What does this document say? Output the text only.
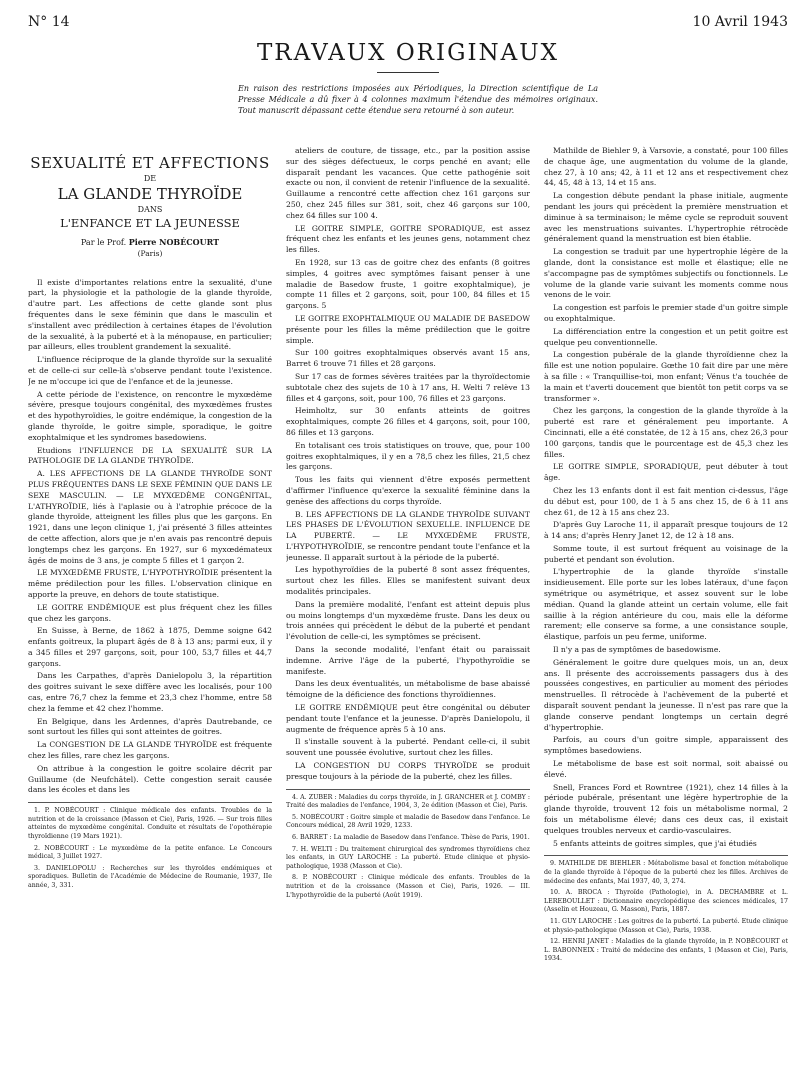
N° 14	10 Avril 1943
TRAVAUX ORIGINAUX
En raison des restrictions imposées aux Périodiques, la Direction scientifique de La Presse Médicale a dû fixer à 4 colonnes maximum l'étendue des mémoires originaux. Tout manuscrit dépassant cette étendue sera retourné à son auteur.
SEXUALITÉ ET AFFECTIONS
DE
LA GLANDE THYROÏDE
DANS
L'ENFANCE ET LA JEUNESSE
Par le Prof. Pierre NOBÉCOURT
(Paris)

Il existe d'importantes relations entre la sexualité, d'une part, la physiologie et la pathologie de la glande thyroïde, d'autre part. Les affections de cette glande sont plus fréquentes dans le sexe féminin que dans le masculin et s'installent avec prédilection à certaines étapes de l'évolution de la sexualité, à la puberté et à la ménopause, en particulier; par ailleurs, elles troublent grandement la sexualité.

L'influence réciproque de la glande thyroïde sur la sexualité et de celle-ci sur celle-là s'observe pendant toute l'existence. Je ne m'occupe ici que de l'enfance et de la jeunesse.

A cette période de l'existence, on rencontre le myxœdème sévère, presque toujours congénital, des myxœdèmes frustes et des hypothyroïdies, le goitre endémique, la congestion de la glande thyroïde, le goitre simple, sporadique, le goitre exophtalmique et les syndromes basedowiens.

Etudions l'INFLUENCE DE LA SEXUALITÉ SUR LA PATHOLOGIE DE LA GLANDE THYROÏDE.

A. LES AFFECTIONS DE LA GLANDE THYROÏDE SONT PLUS FRÉQUENTES DANS LE SEXE FÉMININ QUE DANS LE SEXE MASCULIN. — LE MYXŒDÈME CONGÉNITAL, L'ATHYROÏDIE, liés à l'aplasie ou à l'atrophie précoce de la glande thyroïde, atteignent les filles plus que les garçons. En 1921, dans une leçon clinique 1, j'ai présenté 3 filles atteintes de cette affection, alors que je n'en avais pas rencontré depuis longtemps chez les garçons. En 1927, sur 6 myxœdémateux âgés de moins de 3 ans, je compte 5 filles et 1 garçon 2.

LE MYXŒDÈME FRUSTE, L'HYPOTHYROÏDIE présentent la même prédilection pour les filles. L'observation clinique en apporte la preuve, en dehors de toute statistique.

LE GOITRE ENDÉMIQUE est plus fréquent chez les filles que chez les garçons.

En Suisse, à Berne, de 1862 à 1875, Demme soigne 642 enfants goitreux, la plupart âgés de 8 à 13 ans; parmi eux, il y a 345 filles et 297 garçons, soit, pour 100, 53,7 filles et 44,7 garçons.

Dans les Carpathes, d'après Danielopolu 3, la répartition des goitres suivant le sexe diffère avec les localisés, pour 100 cas, entre 76,7 chez la femme et 23,3 chez l'homme, entre 58 chez la femme et 42 chez l'homme.

En Belgique, dans les Ardennes, d'après Dautrebande, ce sont surtout les filles qui sont atteintes de goitres.

La CONGESTION DE LA GLANDE THYROÏDE est fréquente chez les filles, rare chez les garçons.

On attribue à la congestion le goitre scolaire décrit par Guillaume (de Neufchâtel). Cette congestion serait causée dans les écoles et dans les

1. P. NOBÉCOURT : Clinique médicale des enfants. Troubles de la nutrition et de la croissance (Masson et Cie), Paris, 1926. — Sur trois filles atteintes de myxœdème congénital. Conduite et résultats de l'opothérapie thyroïdienne (19 Mars 1921).

2. NOBÉCOURT : Le myxœdème de la petite enfance. Le Concours médical, 3 Juillet 1927.

3. DANIELOPOLU : Recherches sur les thyroïdes endémiques et sporadiques. Bulletin de l'Académie de Médecine de Roumanie, 1937, IIe année, 3, 331.

ateliers de couture, de tissage, etc., par la position assise sur des sièges défectueux, le corps penché en avant; elle disparaît pendant les vacances. Que cette pathogénie soit exacte ou non, il convient de retenir l'influence de la sexualité. Guillaume a rencontré cette affection chez 161 garçons sur 250, chez 245 filles sur 381, soit, chez 46 garçons sur 100, chez 64 filles sur 100 4.

LE GOITRE SIMPLE, GOITRE SPORADIQUE, est assez fréquent chez les enfants et les jeunes gens, notamment chez les filles.

En 1928, sur 13 cas de goitre chez des enfants (8 goitres simples, 4 goitres avec symptômes faisant penser à une maladie de Basedow fruste, 1 goitre exophtalmique), je compte 11 filles et 2 garçons, soit, pour 100, 84 filles et 15 garçons. 5

LE GOITRE EXOPHTALMIQUE OU MALADIE DE BASEDOW présente pour les filles la même prédilection que le goitre simple.

Sur 100 goitres exophtalmiques observés avant 15 ans, Barret 6 trouve 71 filles et 28 garçons.

Sur 17 cas de formes sévères traitées par la thyroïdectomie subtotale chez des sujets de 10 à 17 ans, H. Welti 7 relève 13 filles et 4 garçons, soit, pour 100, 76 filles et 23 garçons.

Heimholtz, sur 30 enfants atteints de goitres exophtalmiques, compte 26 filles et 4 garçons, soit, pour 100, 86 filles et 13 garçons.

En totalisant ces trois statistiques on trouve, que, pour 100 goitres exophtalmiques, il y en a 78,5 chez les filles, 21,5 chez les garçons.

Tous les faits qui viennent d'être exposés permettent d'affirmer l'influence qu'exerce la sexualité féminine dans la genèse des affections du corps thyroïde.

B. LES AFFECTIONS DE LA GLANDE THYROÏDE SUIVANT LES PHASES DE L'ÉVOLUTION SEXUELLE. INFLUENCE DE LA PUBERTÉ. — LE MYXŒDÈME FRUSTE, L'HYPOTHYROÏDIE, se rencontre pendant toute l'enfance et la jeunesse. Il apparaît surtout à la période de la puberté.

Les hypothyroïdies de la puberté 8 sont assez fréquentes, surtout chez les filles. Elles se manifestent suivant deux modalités principales.

Dans la première modalité, l'enfant est atteint depuis plus ou moins longtemps d'un myxœdème fruste. Dans les deux ou trois années qui précèdent le début de la puberté et pendant l'évolution de celle-ci, les symptômes se précisent.

Dans la seconde modalité, l'enfant était ou paraissait indemne. Arrive l'âge de la puberté, l'hypothyroïdie se manifeste.

Dans les deux éventualités, un métabolisme de base abaissé témoigne de la déficience des fonctions thyroïdiennes.

LE GOITRE ENDÉMIQUE peut être congénital ou débuter pendant toute l'enfance et la jeunesse. D'après Danielopolu, il augmente de fréquence après 5 à 10 ans.

Il s'installe souvent à la puberté. Pendant celle-ci, il subit souvent une poussée évolutive, surtout chez les filles.

LA CONGESTION DU CORPS THYROÏDE se produit presque toujours à la période de la puberté, chez les filles.

4. A. ZUBER : Maladies du corps thyroïde, in J. GRANCHER et J. COMBY : Traité des maladies de l'enfance, 1904, 3, 2e édition (Masson et Cie), Paris.

5. NOBÉCOURT : Goitre simple et maladie de Basedow dans l'enfance. Le Concours médical, 28 Avril 1929, 1233.

6. BARRET : La maladie de Basedow dans l'enfance. Thèse de Paris, 1901.

7. H. WELTI : Du traitement chirurgical des syndromes thyroïdiens chez les enfants, in GUY LAROCHE : La puberté. Etude clinique et physio-pathologique, 1938 (Masson et Cie).

8. P. NOBÉCOURT : Clinique médicale des enfants. Troubles de la nutrition et de la croissance (Masson et Cie), Paris, 1926. — III. L'hypothyroïdie de la puberté (Août 1919).

Mathilde de Biehler 9, à Varsovie, a constaté, pour 100 filles de chaque âge, une augmentation du volume de la glande, chez 27, à 10 ans; 42, à 11 et 12 ans et respectivement chez 44, 45, 48 à 13, 14 et 15 ans.

La congestion débute pendant la phase initiale, augmente pendant les jours qui précèdent la première menstruation et diminue à sa terminaison; le même cycle se reproduit souvent avec les menstruations suivantes. L'hypertrophie rétrocède généralement quand la menstruation est bien établie.

La congestion se traduit par une hypertrophie légère de la glande, dont la consistance est molle et élastique; elle ne s'accompagne pas de symptômes subjectifs ou fonctionnels. Le volume de la glande varie suivant les moments comme nous venons de le voir.

La congestion est parfois le premier stade d'un goitre simple ou exophtalmique.

La différenciation entre la congestion et un petit goitre est quelque peu conventionnelle.

La congestion pubérale de la glande thyroïdienne chez la fille est une notion populaire. Gœthe 10 fait dire par une mère à sa fille : « Tranquillise-toi, mon enfant; Vénus t'a touchée de la main et t'averti doucement que bientôt ton petit corps va se transformer ».

Chez les garçons, la congestion de la glande thyroïde à la puberté est rare et généralement peu importante. A Cincinnati, elle a été constatée, de 12 à 15 ans, chez 26,3 pour 100 garçons, tandis que le pourcentage est de 45,3 chez les filles.

LE GOITRE SIMPLE, SPORADIQUE, peut débuter à tout âge.

Chez les 13 enfants dont il est fait mention ci-dessus, l'âge du début est, pour 100, de 1 à 5 ans chez 15, de 6 à 11 ans chez 61, de 12 à 15 ans chez 23.

D'après Guy Laroche 11, il apparaît presque toujours de 12 à 14 ans; d'après Henry Janet 12, de 12 à 18 ans.

Somme toute, il est surtout fréquent au voisinage de la puberté et pendant son évolution.

L'hypertrophie de la glande thyroïde s'installe insidieusement. Elle porte sur les lobes latéraux, d'une façon symétrique ou asymétrique, et assez souvent sur le lobe médian. Quand la glande atteint un certain volume, elle fait saillie à la région antérieure du cou, mais elle la déforme rarement; elle conserve sa forme, a une consistance souple, élastique, parfois un peu ferme, uniforme.

Il n'y a pas de symptômes de basedowisme.

Généralement le goitre dure quelques mois, un an, deux ans. Il présente des accroissements passagers dus à des poussées congestives, en particulier au moment des périodes menstruelles. Il rétrocède à l'achèvement de la puberté et disparaît souvent pendant la jeunesse. Il n'est pas rare que la glande conserve pendant longtemps un certain degré d'hypertrophie.

Parfois, au cours d'un goitre simple, apparaissent des symptômes basedowiens.

Le métabolisme de base est soit normal, soit abaissé ou élevé.

Snell, Frances Ford et Rowntree (1921), chez 14 filles à la période pubérale, présentant une légère hypertrophie de la glande thyroïde, trouvent 12 fois un métabolisme normal, 2 fois un métabolisme élevé; dans ces deux cas, il existait quelques troubles nerveux et cardio-vasculaires.

5 enfants atteints de goitres simples, que j'ai étudiés

9. MATHILDE DE BIEHLER : Métabolisme basal et fonction métabolique de la glande thyroïde à l'époque de la puberté chez les filles. Archives de médecine des enfants, Mai 1937, 40, 3, 274.

10. A. BROCA : Thyroïde (Pathologie), in A. DECHAMBRE et L. LEREBOULLET : Dictionnaire encyclopédique des sciences médicales, 17 (Asselin et Houzeau, G. Masson), Paris, 1887.

11. GUY LAROCHE : Les goitres de la puberté. La puberté. Etude clinique et physio-pathologique (Masson et Cie), Paris, 1938.

12. HENRI JANET : Maladies de la glande thyroïde, in P. NOBÉCOURT et L. BABONNEIX : Traité de médecine des enfants, 1 (Masson et Cie), Paris, 1934.
